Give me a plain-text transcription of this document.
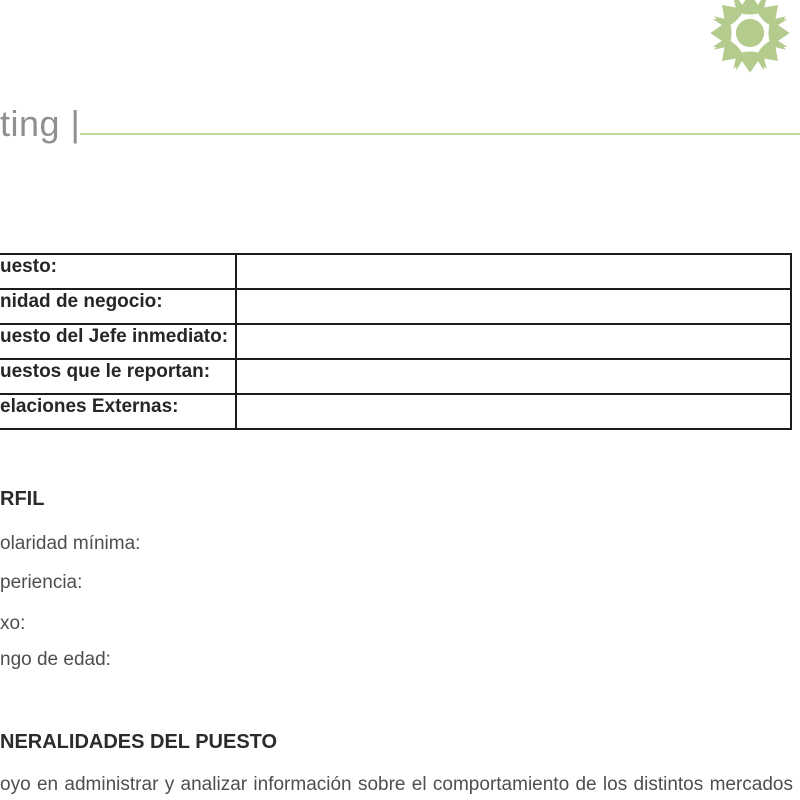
ting |
uesto:	
nidad de negocio:	
uesto del Jefe inmediato:	
uestos que le reportan:	
elaciones Externas:	
RFIL
olaridad mínima:
periencia:
xo:
ngo de edad:
NERALIDADES DEL PUESTO
oyo en administrar y analizar información sobre el comportamiento de los distintos mercados
